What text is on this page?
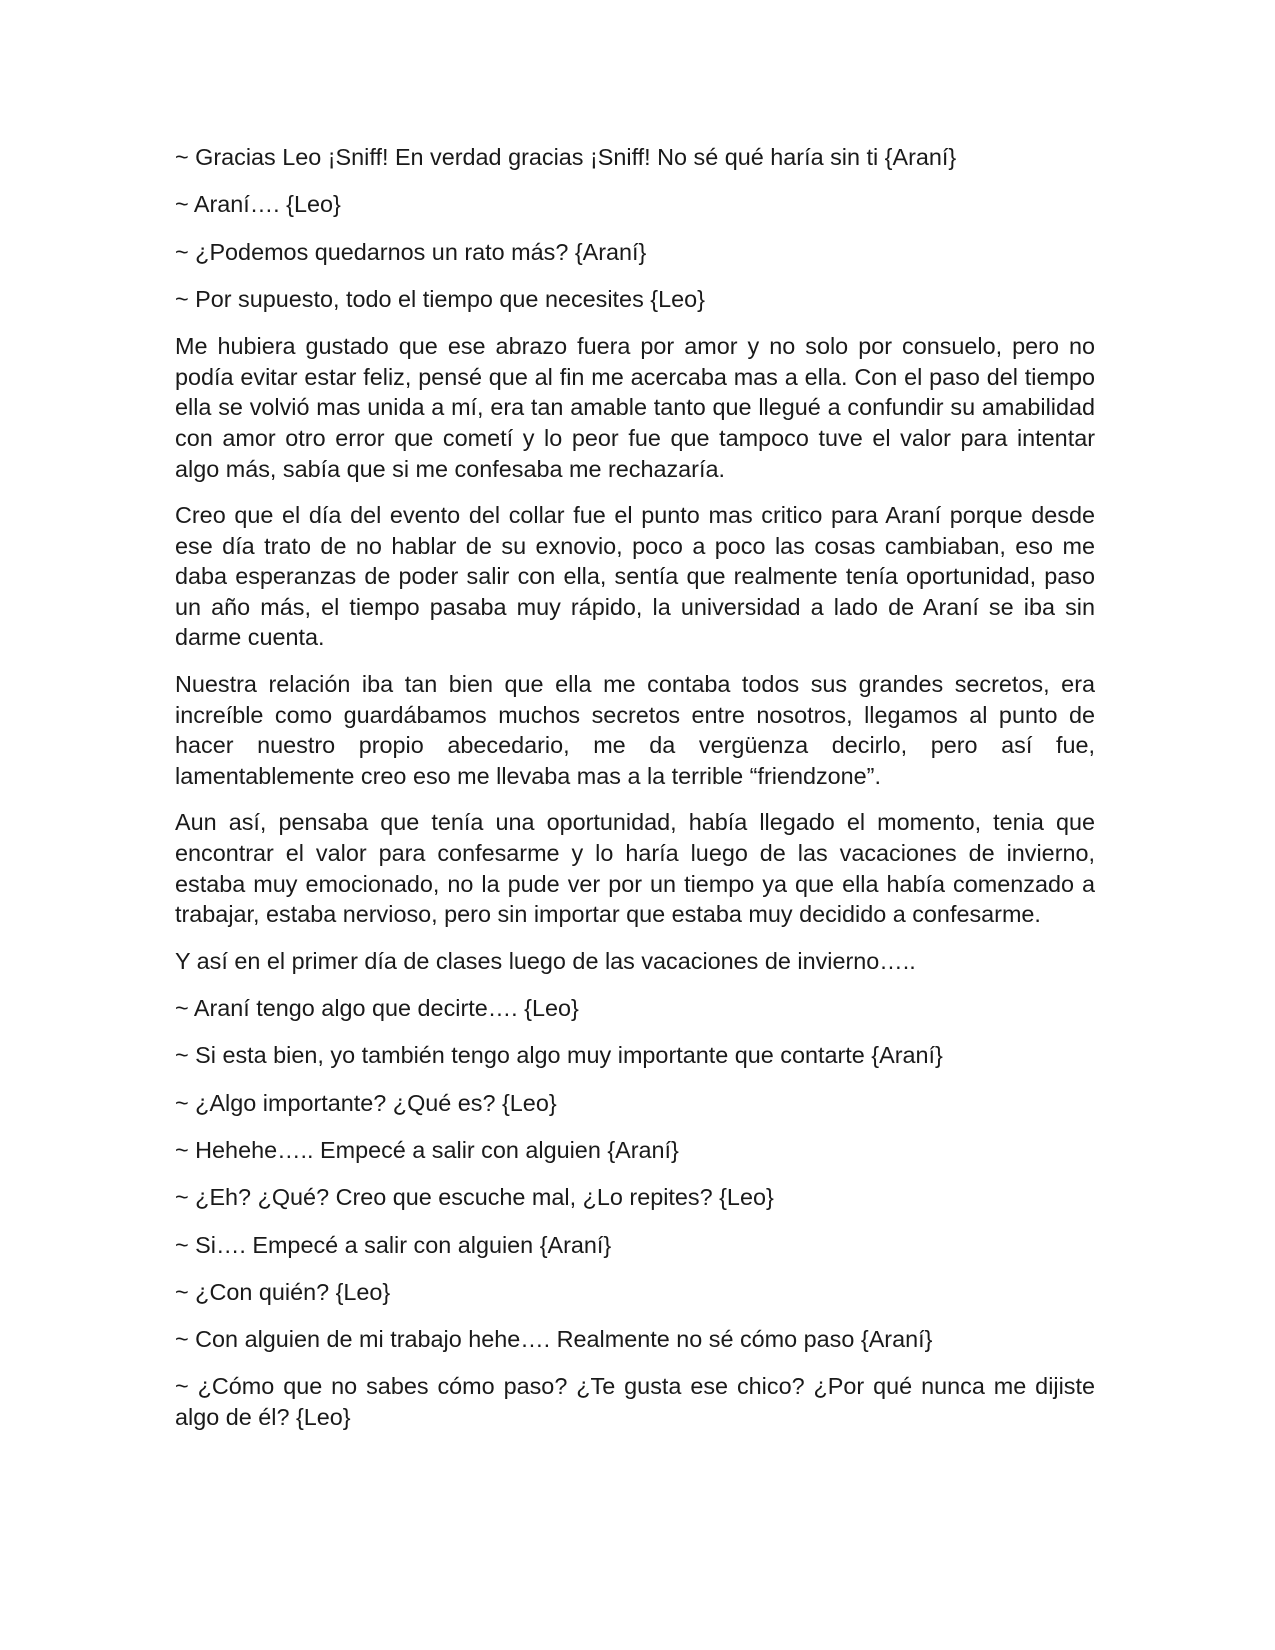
~ Gracias Leo ¡Sniff! En verdad gracias ¡Sniff! No sé qué haría sin ti {Araní}

~ Araní…. {Leo}

~ ¿Podemos quedarnos un rato más? {Araní}

~ Por supuesto, todo el tiempo que necesites {Leo}

Me hubiera gustado que ese abrazo fuera por amor y no solo por consuelo, pero no podía evitar estar feliz, pensé que al fin me acercaba mas a ella. Con el paso del tiempo ella se volvió mas unida a mí, era tan amable tanto que llegué a confundir su amabilidad con amor otro error que cometí y lo peor fue que tampoco tuve el valor para intentar algo más, sabía que si me confesaba me rechazaría.

Creo que el día del evento del collar fue el punto mas critico para Araní porque desde ese día trato de no hablar de su exnovio, poco a poco las cosas cambiaban, eso me daba esperanzas de poder salir con ella, sentía que realmente tenía oportunidad, paso un año más, el tiempo pasaba muy rápido, la universidad a lado de Araní se iba sin darme cuenta.

Nuestra relación iba tan bien que ella me contaba todos sus grandes secretos, era increíble como guardábamos muchos secretos entre nosotros, llegamos al punto de hacer nuestro propio abecedario, me da vergüenza decirlo, pero así fue, lamentablemente creo eso me llevaba mas a la terrible “friendzone”.

Aun así, pensaba que tenía una oportunidad, había llegado el momento, tenia que encontrar el valor para confesarme y lo haría luego de las vacaciones de invierno, estaba muy emocionado, no la pude ver por un tiempo ya que ella había comenzado a trabajar, estaba nervioso, pero sin importar que estaba muy decidido a confesarme.

Y así en el primer día de clases luego de las vacaciones de invierno…..

~ Araní tengo algo que decirte…. {Leo}

~ Si esta bien, yo también tengo algo muy importante que contarte {Araní}

~ ¿Algo importante? ¿Qué es? {Leo}

~ Hehehe….. Empecé a salir con alguien {Araní}

~ ¿Eh? ¿Qué? Creo que escuche mal, ¿Lo repites? {Leo}

~ Si…. Empecé a salir con alguien {Araní}

~ ¿Con quién? {Leo}

~ Con alguien de mi trabajo hehe…. Realmente no sé cómo paso {Araní}

~ ¿Cómo que no sabes cómo paso? ¿Te gusta ese chico? ¿Por qué nunca me dijiste algo de él? {Leo}
